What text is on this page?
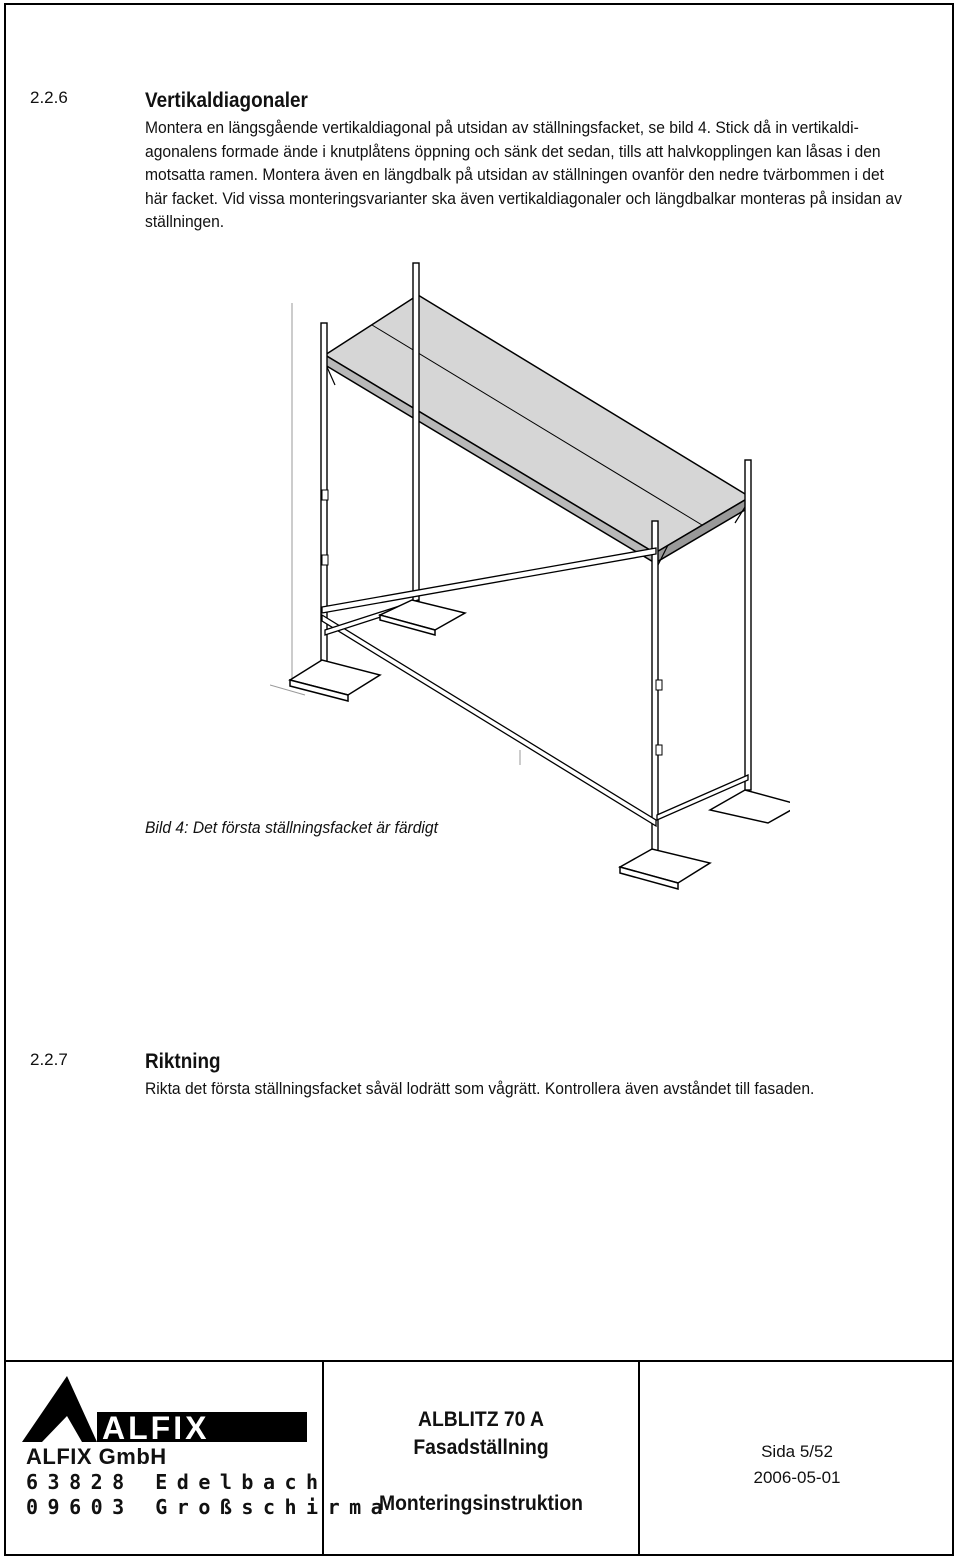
2.2.6	Vertikaldiagonaler
Montera en längsgående vertikaldiagonal på utsidan av ställningsfacket, se bild 4. Stick då in vertikaldi-
agonalens formade ände i knutplåtens öppning och sänk det sedan, tills att halvkopplingen kan låsas i den
motsatta ramen. Montera även en längdbalk på utsidan av ställningen ovanför den nedre tvärbommen i det
här facket. Vid vissa monteringsvarianter ska även vertikaldiagonaler och längdbalkar monteras på insidan av
ställningen.
Bild 4: Det första ställningsfacket är färdigt
2.2.7	Riktning
Rikta det första ställningsfacket såväl lodrätt som vågrätt. Kontrollera även avståndet till fasaden.
ALFIX
ALFIX GmbH
63828 Edelbach
09603 Großschirma
ALBLITZ 70 A
Fasadställning
Monteringsinstruktion
Sida 5/52
2006-05-01
